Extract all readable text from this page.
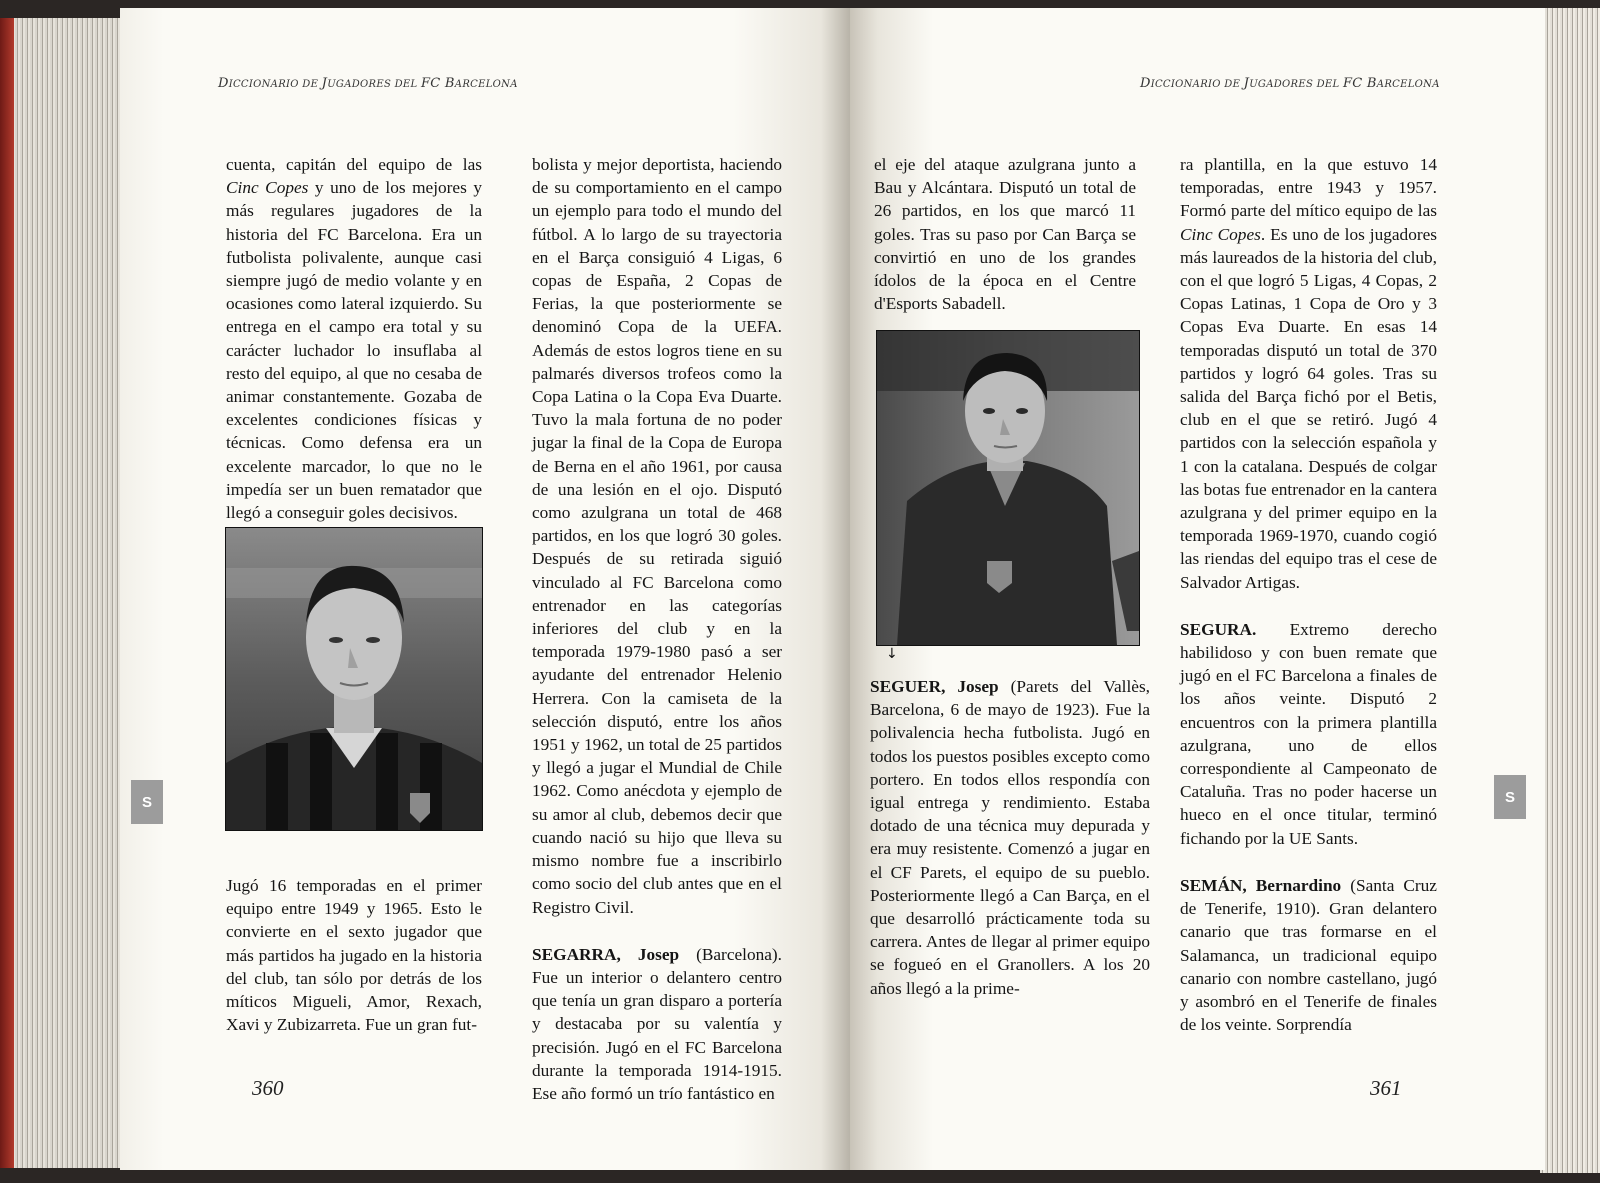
DICCIONARIO DE JUGADORES DEL FC BARCELONA

cuenta, capitán del equipo de las Cinc Copes y uno de los mejores y más regulares jugadores de la historia del FC Barcelona. Era un futbolista polivalente, aunque casi siempre jugó de medio volante y en ocasiones como lateral izquierdo. Su entrega en el campo era total y su carácter luchador lo insuflaba al resto del equipo, al que no cesaba de animar constantemente. Gozaba de excelentes condiciones físicas y técnicas. Como defensa era un excelente marcador, lo que no le impedía ser un buen rematador que llegó a conseguir goles decisivos.

Jugó 16 temporadas en el primer equipo entre 1949 y 1965. Esto le convierte en el sexto jugador que más partidos ha jugado en la historia del club, tan sólo por detrás de los míticos Migueli, Amor, Rexach, Xavi y Zubizarreta. Fue un gran fut-

bolista y mejor deportista, haciendo de su comportamiento en el campo un ejemplo para todo el mundo del fútbol. A lo largo de su trayectoria en el Barça consiguió 4 Ligas, 6 copas de España, 2 Copas de Ferias, la que posteriormente se denominó Copa de la UEFA. Además de estos logros tiene en su palmarés diversos trofeos como la Copa Latina o la Copa Eva Duarte. Tuvo la mala fortuna de no poder jugar la final de la Copa de Europa de Berna en el año 1961, por causa de una lesión en el ojo. Disputó como azulgrana un total de 468 partidos, en los que logró 30 goles. Después de su retirada siguió vinculado al FC Barcelona como entrenador en las categorías inferiores del club y en la temporada 1979-1980 pasó a ser ayudante del entrenador Helenio Herrera. Con la camiseta de la selección disputó, entre los años 1951 y 1962, un total de 25 partidos y llegó a jugar el Mundial de Chile 1962. Como anécdota y ejemplo de su amor al club, debemos decir que cuando nació su hijo que lleva su mismo nombre fue a inscribirlo como socio del club antes que en el Registro Civil.

SEGARRA, Josep (Barcelona). Fue un interior o delantero centro que tenía un gran disparo a portería y destacaba por su valentía y precisión. Jugó en el FC Barcelona durante la temporada 1914-1915. Ese año formó un trío fantástico en

360
S
DICCIONARIO DE JUGADORES DEL FC BARCELONA

el eje del ataque azulgrana junto a Bau y Alcántara. Disputó un total de 26 partidos, en los que marcó 11 goles. Tras su paso por Can Barça se convirtió en uno de los grandes ídolos de la época en el Centre d'Esports Sabadell.

↓

SEGUER, Josep (Parets del Vallès, Barcelona, 6 de mayo de 1923). Fue la polivalencia hecha futbolista. Jugó en todos los puestos posibles excepto como portero. En todos ellos respondía con igual entrega y rendimiento. Estaba dotado de una técnica muy depurada y era muy resistente. Comenzó a jugar en el CF Parets, el equipo de su pueblo. Posteriormente llegó a Can Barça, en el que desarrolló prácticamente toda su carrera. Antes de llegar al primer equipo se fogueó en el Granollers. A los 20 años llegó a la prime-

ra plantilla, en la que estuvo 14 temporadas, entre 1943 y 1957. Formó parte del mítico equipo de las Cinc Copes. Es uno de los jugadores más laureados de la historia del club, con el que logró 5 Ligas, 4 Copas, 2 Copas Latinas, 1 Copa de Oro y 3 Copas Eva Duarte. En esas 14 temporadas disputó un total de 370 partidos y logró 64 goles. Tras su salida del Barça fichó por el Betis, club en el que se retiró. Jugó 4 partidos con la selección española y 1 con la catalana. Después de colgar las botas fue entrenador en la cantera azulgrana y del primer equipo en la temporada 1969-1970, cuando cogió las riendas del equipo tras el cese de Salvador Artigas.

SEGURA. Extremo derecho habilidoso y con buen remate que jugó en el FC Barcelona a finales de los años veinte. Disputó 2 encuentros con la primera plantilla azulgrana, uno de ellos correspondiente al Campeonato de Cataluña. Tras no poder hacerse un hueco en el once titular, terminó fichando por la UE Sants.

SEMÁN, Bernardino (Santa Cruz de Tenerife, 1910). Gran delantero canario que tras formarse en el Salamanca, un tradicional equipo canario con nombre castellano, jugó y asombró en el Tenerife de finales de los veinte. Sorprendía

361
S
